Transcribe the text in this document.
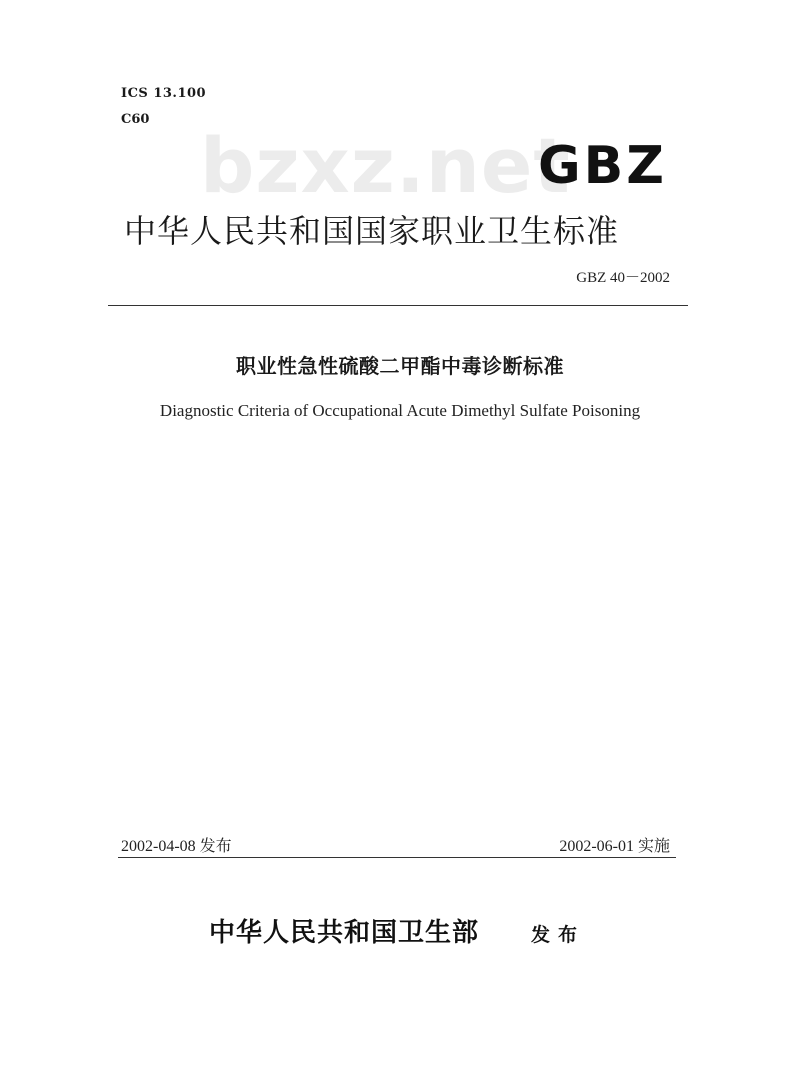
ICS 13.100
C60
bzxz.net
GBZ
中华人民共和国国家职业卫生标准
GBZ 40－2002
职业性急性硫酸二甲酯中毒诊断标准
Diagnostic Criteria of Occupational Acute Dimethyl Sulfate Poisoning
2002-04-08 发布	2002-06-01 实施
中华人民共和国卫生部	发布
